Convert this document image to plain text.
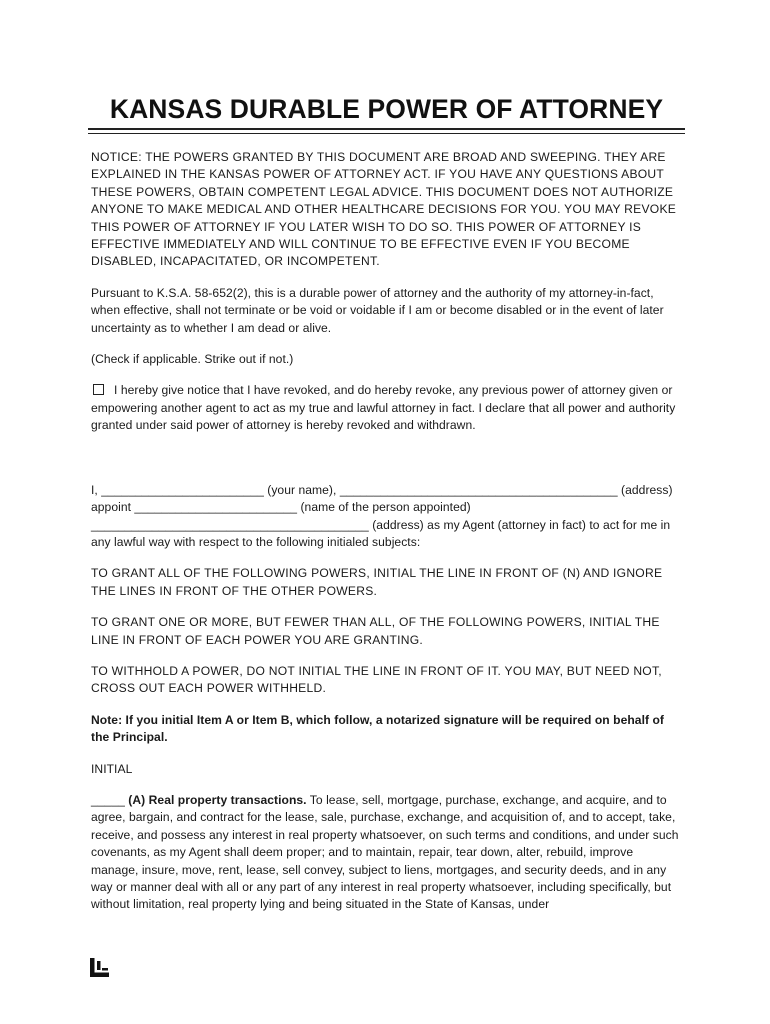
KANSAS DURABLE POWER OF ATTORNEY

NOTICE: THE POWERS GRANTED BY THIS DOCUMENT ARE BROAD AND SWEEPING. THEY ARE EXPLAINED IN THE KANSAS POWER OF ATTORNEY ACT. IF YOU HAVE ANY QUESTIONS ABOUT THESE POWERS, OBTAIN COMPETENT LEGAL ADVICE. THIS DOCUMENT DOES NOT AUTHORIZE ANYONE TO MAKE MEDICAL AND OTHER HEALTHCARE DECISIONS FOR YOU. YOU MAY REVOKE THIS POWER OF ATTORNEY IF YOU LATER WISH TO DO SO. THIS POWER OF ATTORNEY IS EFFECTIVE IMMEDIATELY AND WILL CONTINUE TO BE EFFECTIVE EVEN IF YOU BECOME DISABLED, INCAPACITATED, OR INCOMPETENT.

Pursuant to K.S.A. 58-652(2), this is a durable power of attorney and the authority of my attorney-in-fact, when effective, shall not terminate or be void or voidable if I am or become disabled or in the event of later uncertainty as to whether I am dead or alive.

(Check if applicable. Strike out if not.)

I hereby give notice that I have revoked, and do hereby revoke, any previous power of attorney given or empowering another agent to act as my true and lawful attorney in fact. I declare that all power and authority granted under said power of attorney is hereby revoked and withdrawn.

I, ________________________ (your name), _________________________________________ (address) appoint ________________________ (name of the person appointed) _________________________________________ (address) as my Agent (attorney in fact) to act for me in any lawful way with respect to the following initialed subjects:

TO GRANT ALL OF THE FOLLOWING POWERS, INITIAL THE LINE IN FRONT OF (N) AND IGNORE THE LINES IN FRONT OF THE OTHER POWERS.

TO GRANT ONE OR MORE, BUT FEWER THAN ALL, OF THE FOLLOWING POWERS, INITIAL THE LINE IN FRONT OF EACH POWER YOU ARE GRANTING.

TO WITHHOLD A POWER, DO NOT INITIAL THE LINE IN FRONT OF IT. YOU MAY, BUT NEED NOT, CROSS OUT EACH POWER WITHHELD.

Note: If you initial Item A or Item B, which follow, a notarized signature will be required on behalf of the Principal.

INITIAL

_____ (A) Real property transactions. To lease, sell, mortgage, purchase, exchange, and acquire, and to agree, bargain, and contract for the lease, sale, purchase, exchange, and acquisition of, and to accept, take, receive, and possess any interest in real property whatsoever, on such terms and conditions, and under such covenants, as my Agent shall deem proper; and to maintain, repair, tear down, alter, rebuild, improve manage, insure, move, rent, lease, sell convey, subject to liens, mortgages, and security deeds, and in any way or manner deal with all or any part of any interest in real property whatsoever, including specifically, but without limitation, real property lying and being situated in the State of Kansas, under
